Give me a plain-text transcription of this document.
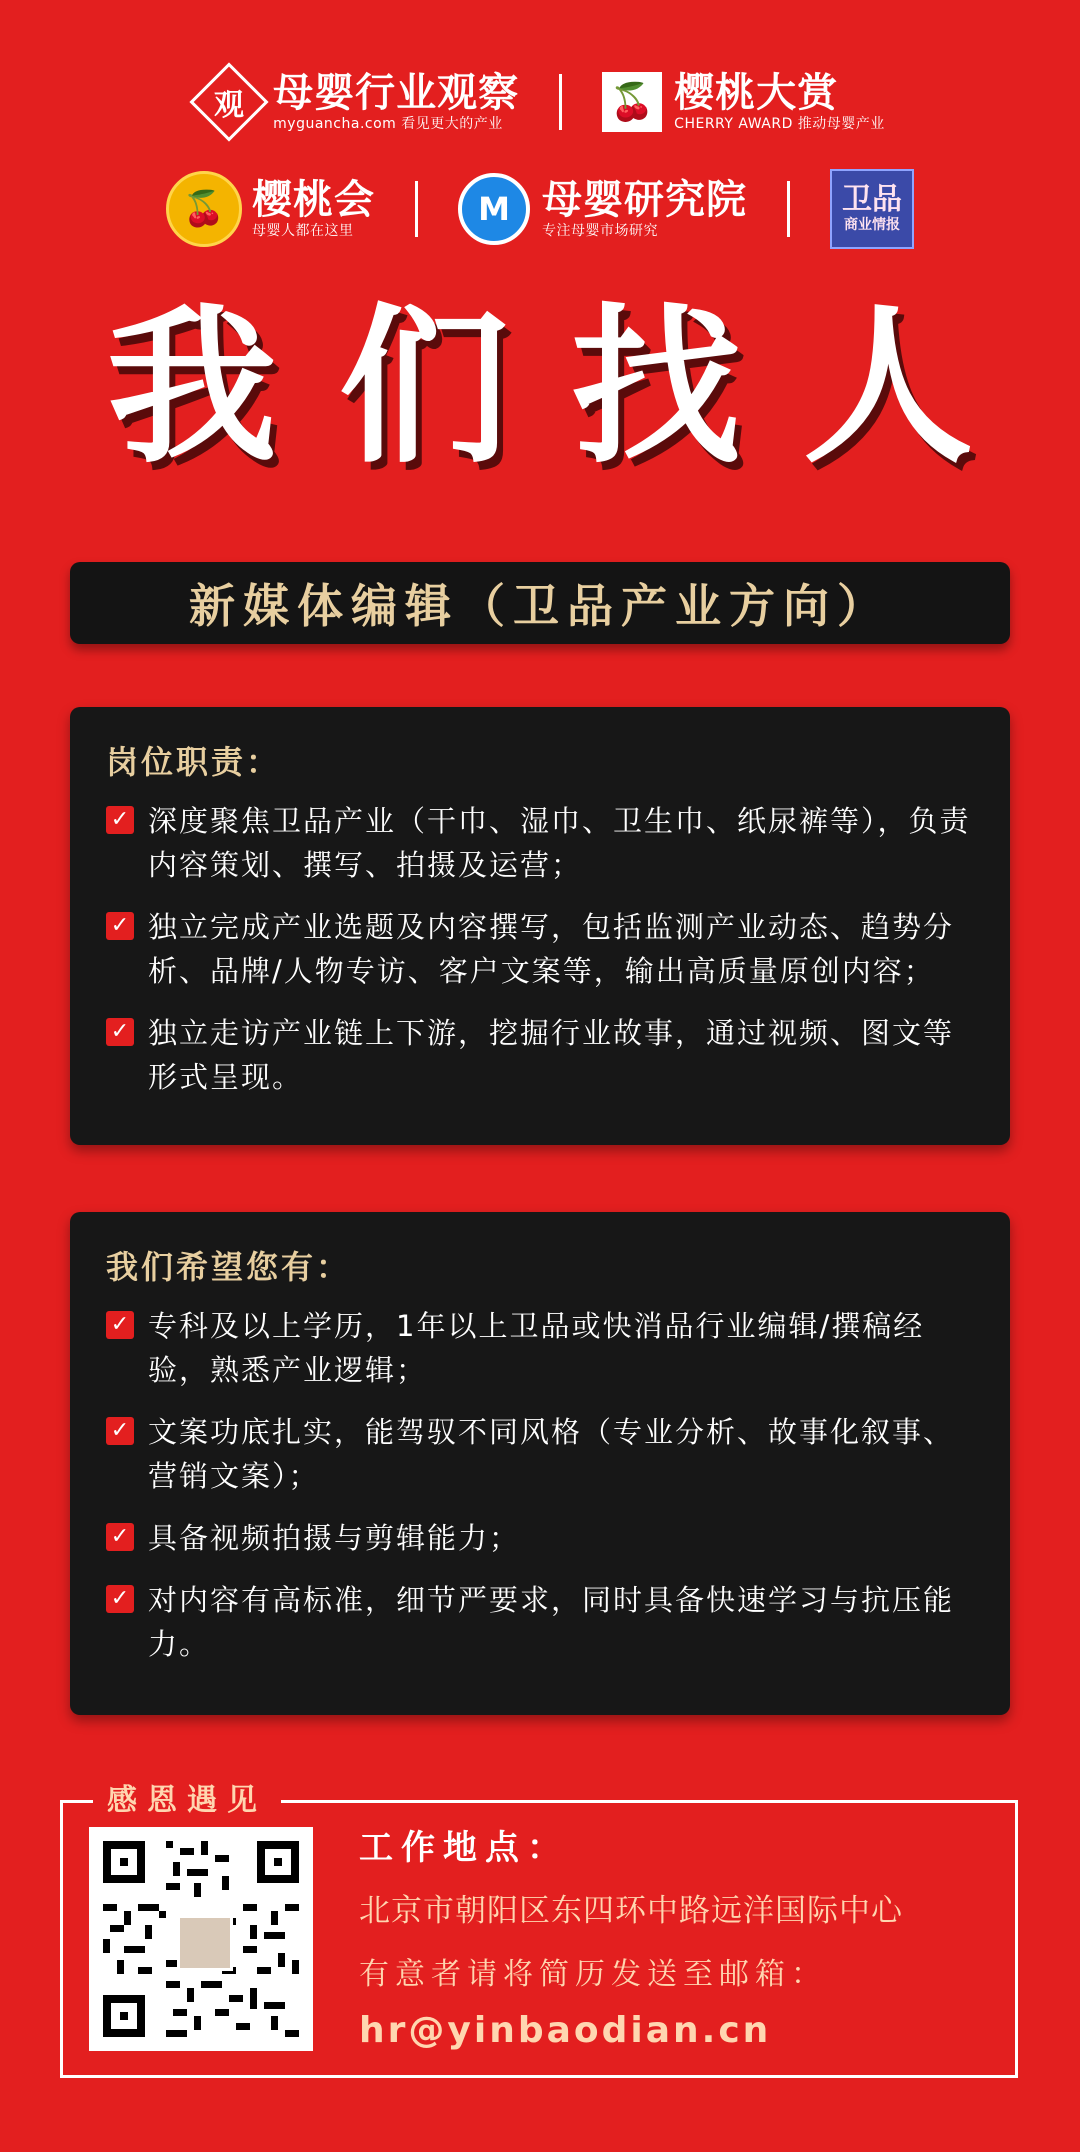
观 母婴行业观察
myguancha.com 看见更大的产业
🍒 樱桃大赏
CHERRY AWARD 推动母婴产业
🍒 樱桃会
母婴人都在这里
M 母婴研究院
专注母婴市场研究
卫品
商业情报
我们找人
新媒体编辑（卫品产业方向）
岗位职责：
✓ 深度聚焦卫品产业（干巾、湿巾、卫生巾、纸尿裤等），负责内容策划、撰写、拍摄及运营；
✓ 独立完成产业选题及内容撰写，包括监测产业动态、趋势分析、品牌/人物专访、客户文案等，输出高质量原创内容；
✓ 独立走访产业链上下游，挖掘行业故事，通过视频、图文等形式呈现。
我们希望您有：
✓ 专科及以上学历，1年以上卫品或快消品行业编辑/撰稿经验，熟悉产业逻辑；
✓ 文案功底扎实，能驾驭不同风格（专业分析、故事化叙事、营销文案）；
✓ 具备视频拍摄与剪辑能力；
✓ 对内容有高标准，细节严要求，同时具备快速学习与抗压能力。
感恩遇见
工作地点：
北京市朝阳区东四环中路远洋国际中心
有意者请将简历发送至邮箱：
hr@yinbaodian.cn
